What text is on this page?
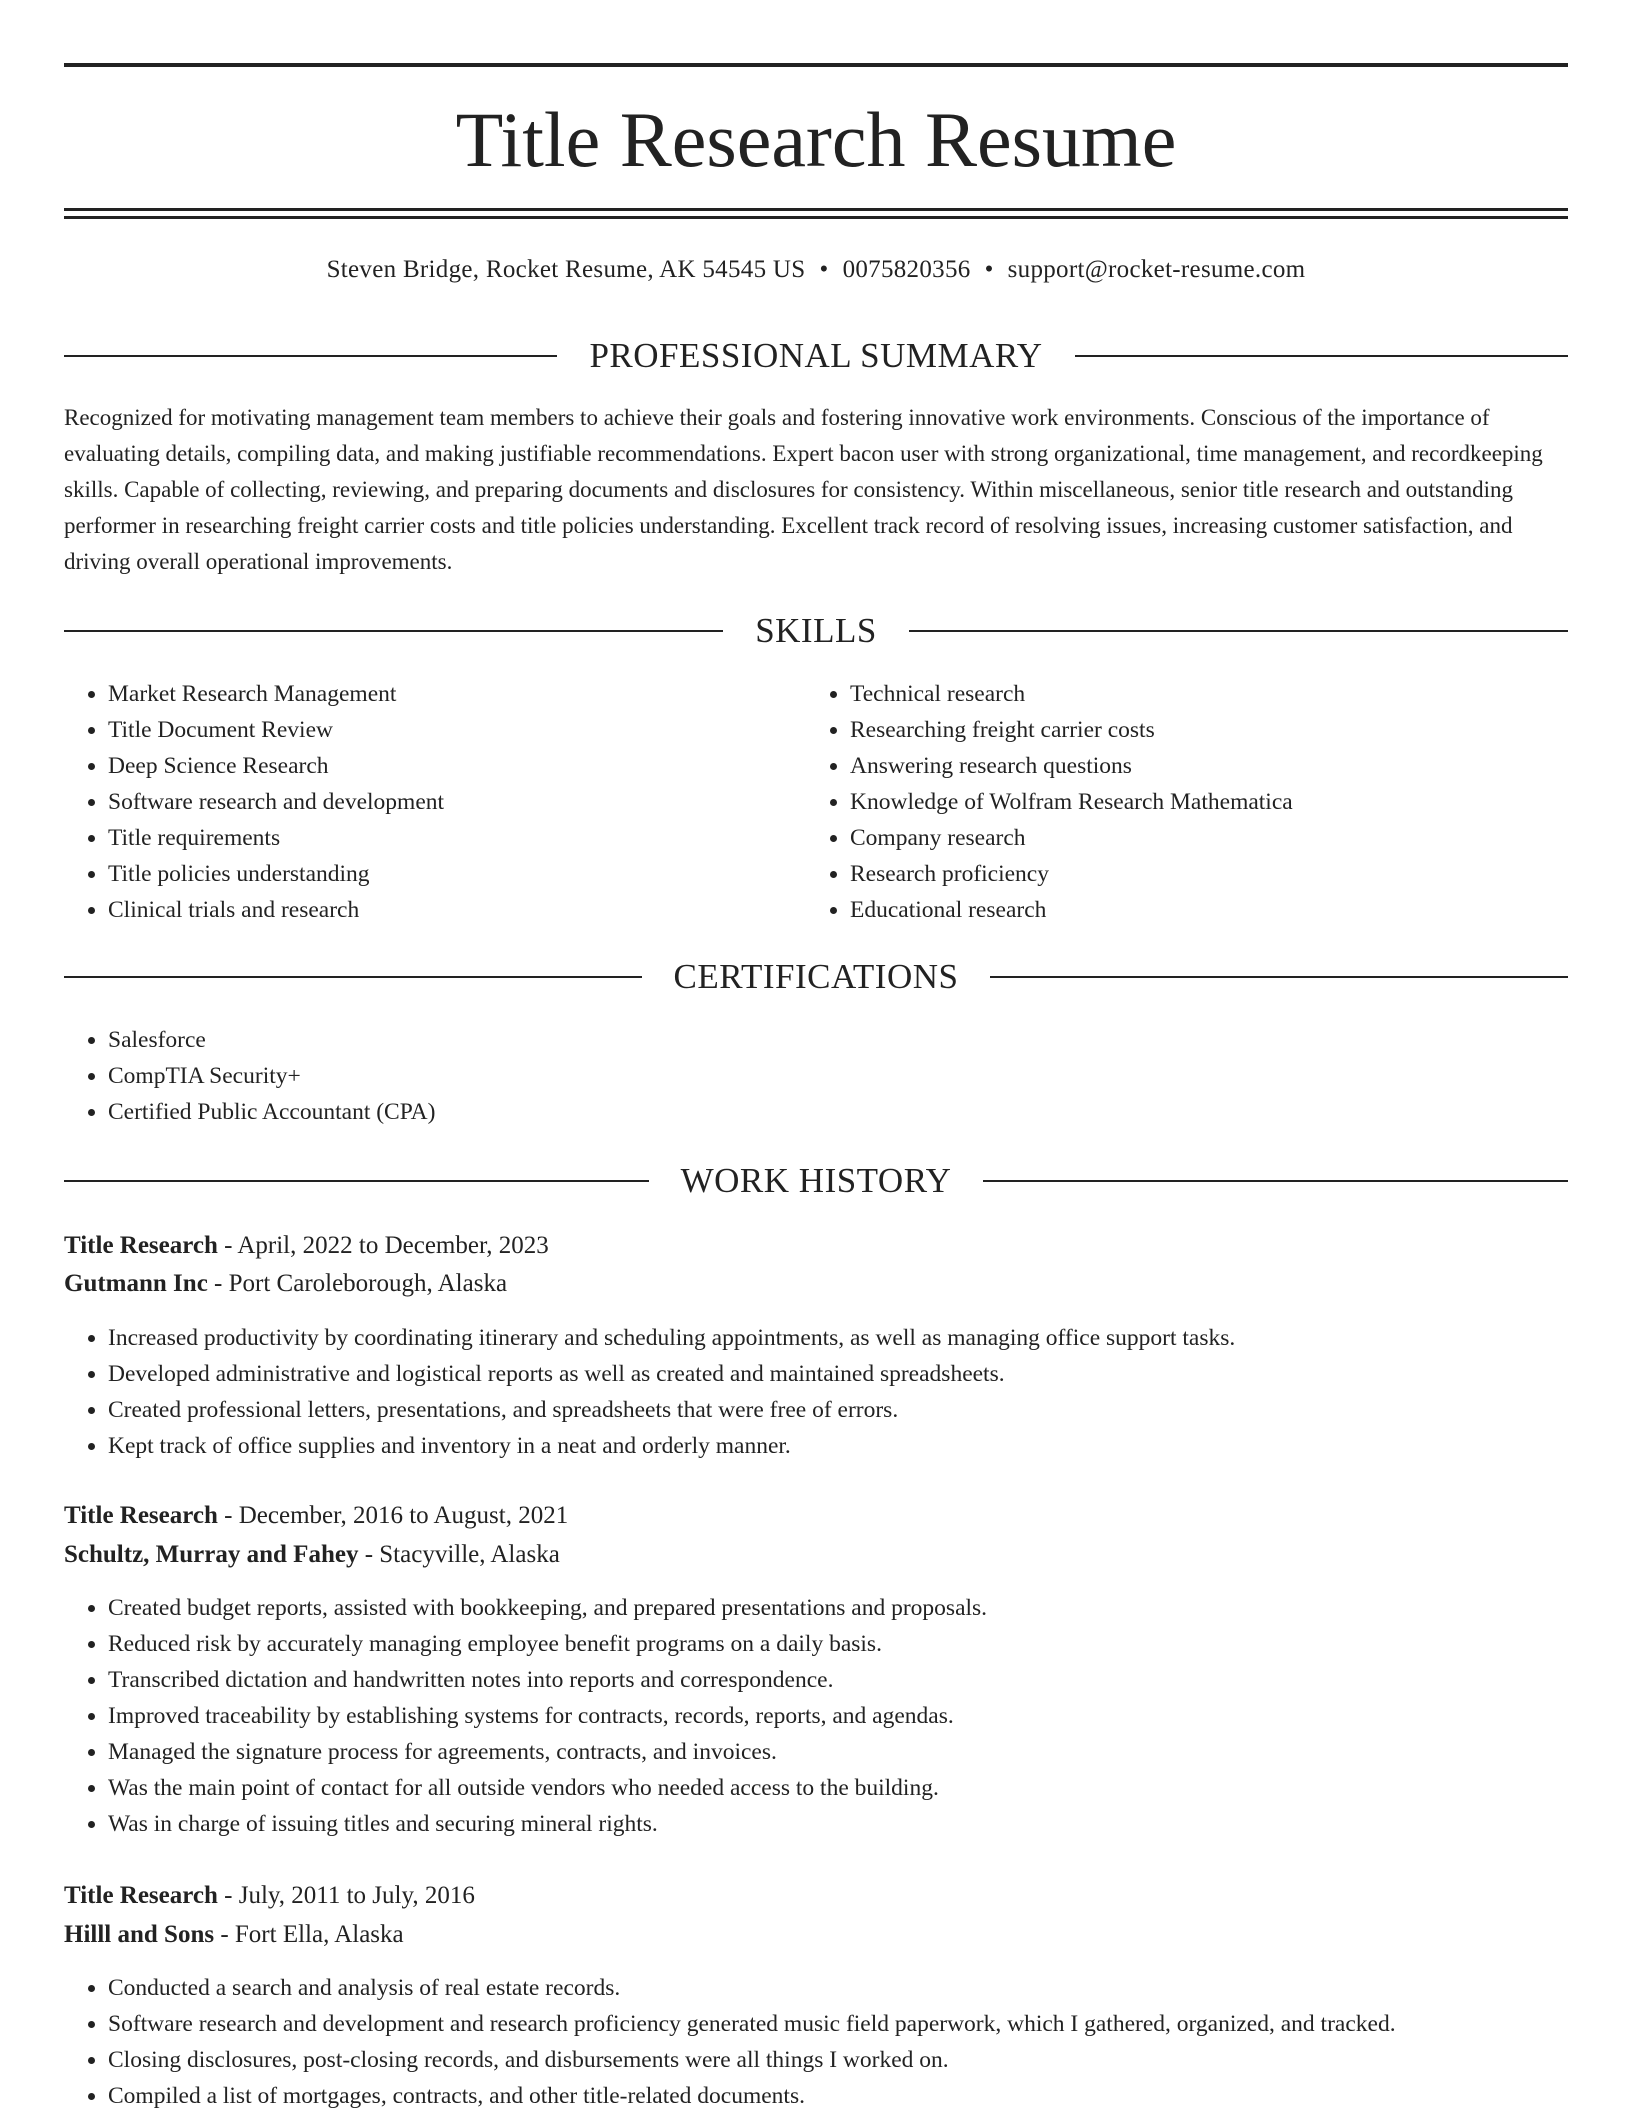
Title Research Resume
Steven Bridge, Rocket Resume, AK 54545 US • 0075820356 • support@rocket-resume.com
PROFESSIONAL SUMMARY

Recognized for motivating management team members to achieve their goals and fostering innovative work environments. Conscious of the importance of evaluating details, compiling data, and making justifiable recommendations. Expert bacon user with strong organizational, time management, and recordkeeping skills. Capable of collecting, reviewing, and preparing documents and disclosures for consistency. Within miscellaneous, senior title research and outstanding performer in researching freight carrier costs and title policies understanding. Excellent track record of resolving issues, increasing customer satisfaction, and driving overall operational improvements.

SKILLS
• Market Research Management
• Title Document Review
• Deep Science Research
• Software research and development
• Title requirements
• Title policies understanding
• Clinical trials and research
• Technical research
• Researching freight carrier costs
• Answering research questions
• Knowledge of Wolfram Research Mathematica
• Company research
• Research proficiency
• Educational research
CERTIFICATIONS
• Salesforce
• CompTIA Security+
• Certified Public Accountant (CPA)
WORK HISTORY
Title Research - April, 2022 to December, 2023
Gutmann Inc - Port Caroleborough, Alaska
• Increased productivity by coordinating itinerary and scheduling appointments, as well as managing office support tasks.
• Developed administrative and logistical reports as well as created and maintained spreadsheets.
• Created professional letters, presentations, and spreadsheets that were free of errors.
• Kept track of office supplies and inventory in a neat and orderly manner.
Title Research - December, 2016 to August, 2021
Schultz, Murray and Fahey - Stacyville, Alaska
• Created budget reports, assisted with bookkeeping, and prepared presentations and proposals.
• Reduced risk by accurately managing employee benefit programs on a daily basis.
• Transcribed dictation and handwritten notes into reports and correspondence.
• Improved traceability by establishing systems for contracts, records, reports, and agendas.
• Managed the signature process for agreements, contracts, and invoices.
• Was the main point of contact for all outside vendors who needed access to the building.
• Was in charge of issuing titles and securing mineral rights.
Title Research - July, 2011 to July, 2016
Hilll and Sons - Fort Ella, Alaska
• Conducted a search and analysis of real estate records.
• Software research and development and research proficiency generated music field paperwork, which I gathered, organized, and tracked.
• Closing disclosures, post-closing records, and disbursements were all things I worked on.
• Compiled a list of mortgages, contracts, and other title-related documents.
